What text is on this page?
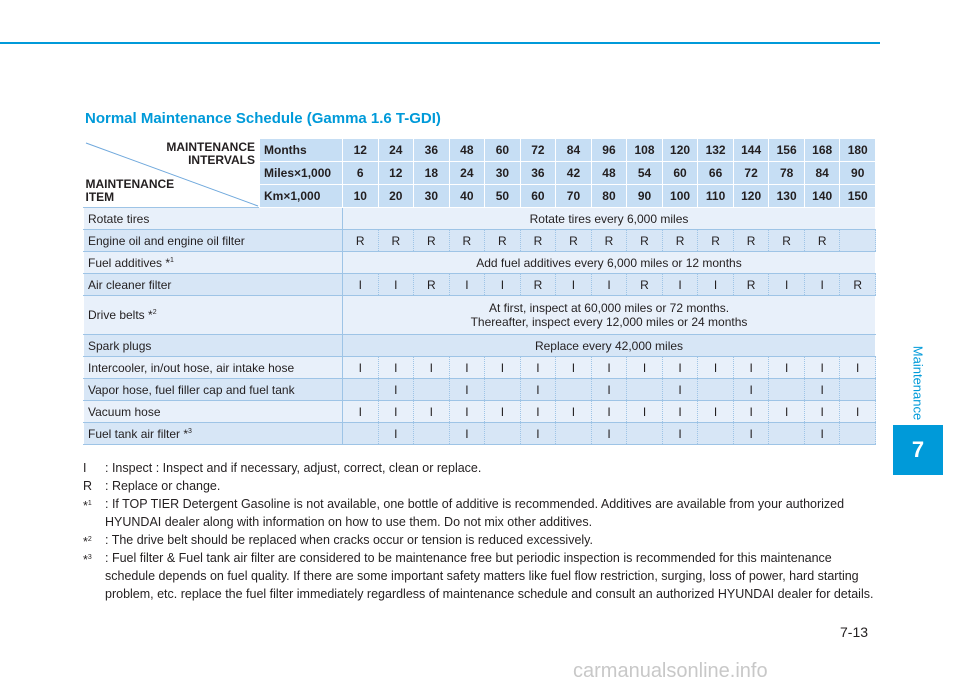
Maintenance
7
Normal Maintenance Schedule (Gamma 1.6 T-GDI)
MAINTENANCE INTERVALS
MAINTENANCE ITEM	Months	12	24	36	48	60	72	84	96	108	120	132	144	156	168	180
	Miles×1,000	6	12	18	24	30	36	42	48	54	60	66	72	78	84	90
	Km×1,000	10	20	30	40	50	60	70	80	90	100	110	120	130	140	150
Rotate tires		Rotate tires every 6,000 miles														

Engine oil and engine oil filter		R	R	R	R	R	R	R	R	R	R	R	R	R	R	
Fuel additives *$^1$		Add fuel additives every 6,000 miles or 12 months														

Air cleaner filter		I	I	R	I	I	R	I	I	R	I	I	R	I	I	R
Drive belts *$^2$		At first, inspect at 60,000 miles or 72 months.
Thereafter, inspect every 12,000 miles or 24 months														

Spark plugs		Replace every 42,000 miles														

Intercooler, in/out hose, air intake hose		I	I	I	I	I	I	I	I	I	I	I	I	I	I	I
Vapor hose, fuel filler cap and fuel tank			I		I		I		I		I		I		I	
Vacuum hose		I	I	I	I	I	I	I	I	I	I	I	I	I	I	I
Fuel tank air filter *$^3$			I		I		I		I		I		I		I	
I : Inspect : Inspect and if necessary, adjust, correct, clean or replace.
R : Replace or change.
*$^1$ : If TOP TIER Detergent Gasoline is not available, one bottle of additive is recommended. Additives are available from your authorized HYUNDAI dealer along with information on how to use them. Do not mix other additives.
*$^2$ : The drive belt should be replaced when cracks occur or tension is reduced excessively.
*$^3$ : Fuel filter & Fuel tank air filter are considered to be maintenance free but periodic inspection is recommended for this maintenance schedule depends on fuel quality. If there are some important safety matters like fuel flow restriction, surging, loss of power, hard starting problem, etc. replace the fuel filter immediately regardless of maintenance schedule and consult an authorized HYUNDAI dealer for details.
7-13
carmanualsonline.info
